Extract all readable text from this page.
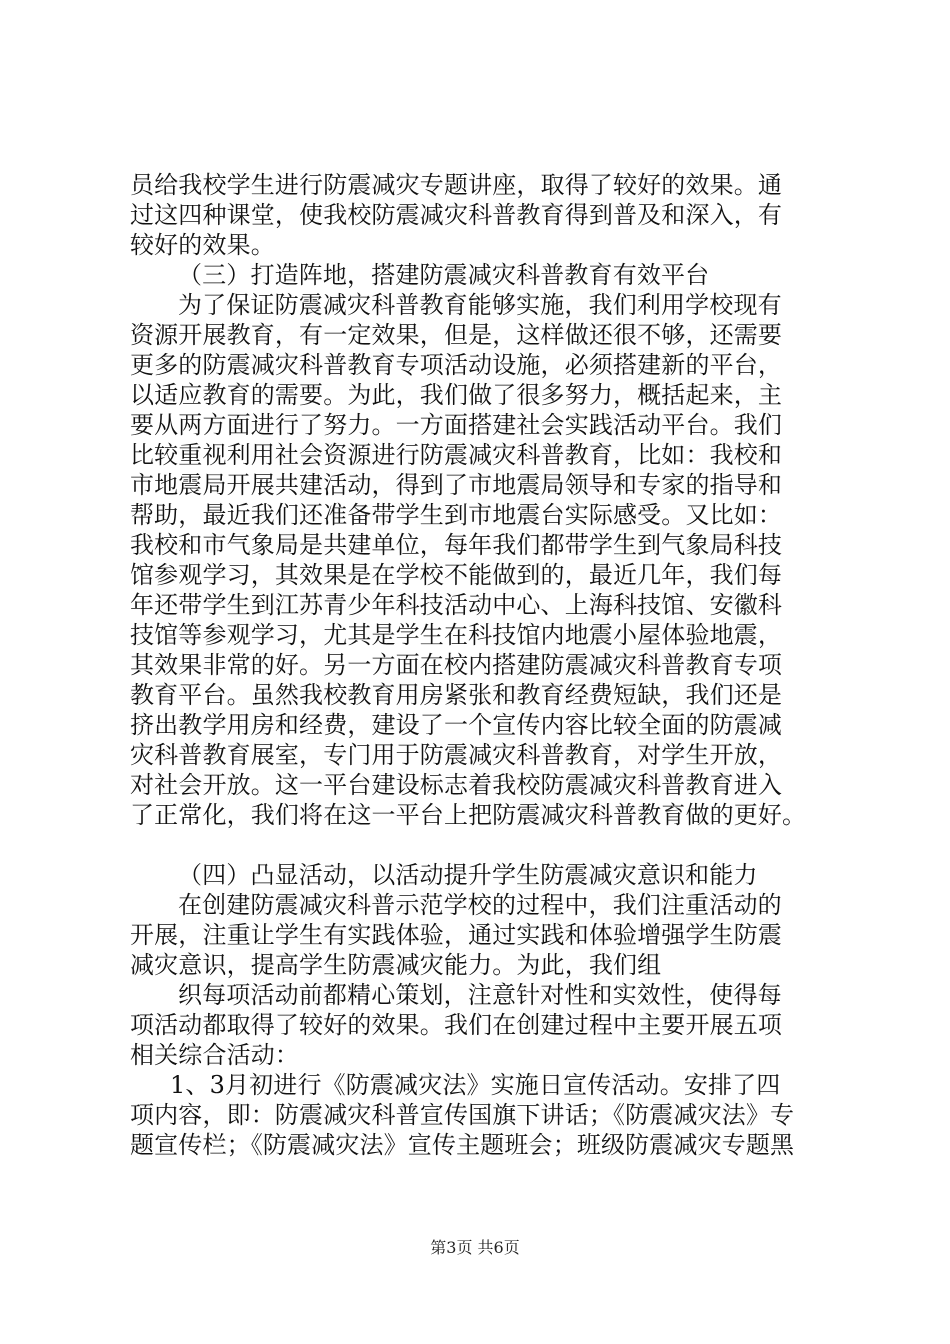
员给我校学生进行防震减灾专题讲座，取得了较好的效果。通
过这四种课堂，使我校防震减灾科普教育得到普及和深入，有
较好的效果。
（三）打造阵地，搭建防震减灾科普教育有效平台
为了保证防震减灾科普教育能够实施，我们利用学校现有
资源开展教育，有一定效果，但是，这样做还很不够，还需要
更多的防震减灾科普教育专项活动设施，必须搭建新的平台，
以适应教育的需要。为此，我们做了很多努力，概括起来，主
要从两方面进行了努力。一方面搭建社会实践活动平台。我们
比较重视利用社会资源进行防震减灾科普教育，比如：我校和
市地震局开展共建活动，得到了市地震局领导和专家的指导和
帮助，最近我们还准备带学生到市地震台实际感受。又比如：
我校和市气象局是共建单位，每年我们都带学生到气象局科技
馆参观学习，其效果是在学校不能做到的，最近几年，我们每
年还带学生到江苏青少年科技活动中心、上海科技馆、安徽科
技馆等参观学习，尤其是学生在科技馆内地震小屋体验地震，
其效果非常的好。另一方面在校内搭建防震减灾科普教育专项
教育平台。虽然我校教育用房紧张和教育经费短缺，我们还是
挤出教学用房和经费，建设了一个宣传内容比较全面的防震减
灾科普教育展室，专门用于防震减灾科普教育，对学生开放，
对社会开放。这一平台建设标志着我校防震减灾科普教育进入
了正常化，我们将在这一平台上把防震减灾科普教育做的更好。
（四）凸显活动，以活动提升学生防震减灾意识和能力
在创建防震减灾科普示范学校的过程中，我们注重活动的
开展，注重让学生有实践体验，通过实践和体验增强学生防震
减灾意识，提高学生防震减灾能力。为此，我们组
织每项活动前都精心策划，注意针对性和实效性，使得每
项活动都取得了较好的效果。我们在创建过程中主要开展五项
相关综合活动：
1、3月初进行《防震减灾法》实施日宣传活动。安排了四
项内容，即：防震减灾科普宣传国旗下讲话；《防震减灾法》专
题宣传栏；《防震减灾法》宣传主题班会；班级防震减灾专题黑
第3页 共6页
